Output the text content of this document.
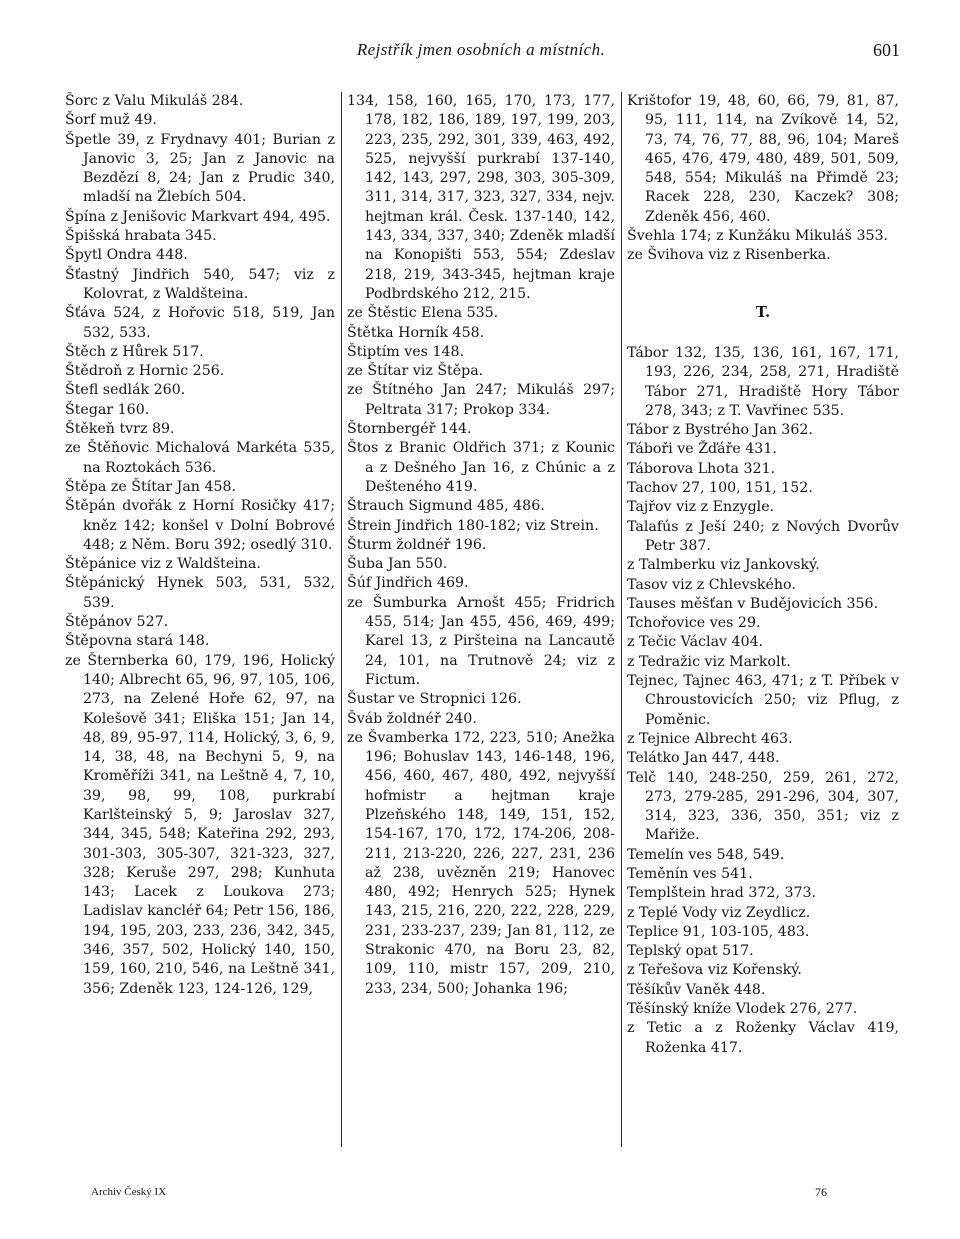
Rejstřík jmen osobních a místních.	601
Šorc z Valu Mikuláš 284.
Šorf muž 49.
Špetle 39, z Frydnavy 401; Burian z Janovic 3, 25; Jan z Janovic na Bezdězí 8, 24; Jan z Prudic 340, mladší na Žlebích 504.
Špína z Jenišovic Markvart 494, 495.
Špišská hrabata 345.
Špytl Ondra 448.
Šťastný Jindřich 540, 547; viz z Kolovrat, z Waldšteina.
Šťáva 524, z Hořovic 518, 519, Jan 532, 533.
Štěch z Hůrek 517.
Štědroň z Hornic 256.
Štefl sedlák 260.
Štegar 160.
Štěkeň tvrz 89.
ze Štěňovic Michalová Markéta 535, na Roztokách 536.
Štěpa ze Štítar Jan 458.
Štěpán dvořák z Horní Rosičky 417; kněz 142; konšel v Dolní Bobrové 448; z Něm. Boru 392; osedlý 310.
Štěpánice viz z Waldšteina.
Štěpánický Hynek 503, 531, 532, 539.
Štěpánov 527.
Štěpovna stará 148.
ze Šternberka 60, 179, 196, Holický 140; Albrecht 65, 96, 97, 105, 106, 273, na Zelené Hoře 62, 97, na Kolešově 341; Eliška 151; Jan 14, 48, 89, 95-97, 114, Holický, 3, 6, 9, 14, 38, 48, na Bechyni 5, 9, na Kroměříži 341, na Leštně 4, 7, 10, 39, 98, 99, 108, purkrabí Karlšteinský 5, 9; Jaroslav 327, 344, 345, 548; Kateřina 292, 293, 301-303, 305-307, 321-323, 327, 328; Keruše 297, 298; Kunhuta 143; Lacek z Loukova 273; Ladislav kancléř 64; Petr 156, 186, 194, 195, 203, 233, 236, 342, 345, 346, 357, 502, Holický 140, 150, 159, 160, 210, 546, na Leštně 341, 356; Zdeněk 123, 124-126, 129,
134, 158, 160, 165, 170, 173, 177, 178, 182, 186, 189, 197, 199, 203, 223, 235, 292, 301, 339, 463, 492, 525, nejvyšší purkrabí 137-140, 142, 143, 297, 298, 303, 305-309, 311, 314, 317, 323, 327, 334, nejv. hejtman král. Česk. 137-140, 142, 143, 334, 337, 340; Zdeněk mladší na Konopišti 553, 554; Zdeslav 218, 219, 343-345, hejtman kraje Podbrdského 212, 215.
ze Štěstic Elena 535.
Štětka Horník 458.
Štiptím ves 148.
ze Štítar viz Štěpa.
ze Štítného Jan 247; Mikuláš 297; Peltrata 317; Prokop 334.
Štornbergéř 144.
Štos z Branic Oldřich 371; z Kounic a z Dešného Jan 16, z Chúnic a z Dešteného 419.
Štrauch Sigmund 485, 486.
Štrein Jindřich 180-182; viz Strein.
Šturm žoldnéř 196.
Šuba Jan 550.
Šúf Jindřich 469.
ze Šumburka Arnošt 455; Fridrich 455, 514; Jan 455, 456, 469, 499; Karel 13, z Piršteina na Lancautě 24, 101, na Trutnově 24; viz z Fictum.
Šustar ve Stropnici 126.
Šváb žoldnéř 240.
ze Švamberka 172, 223, 510; Anežka 196; Bohuslav 143, 146-148, 196, 456, 460, 467, 480, 492, nejvyšší hofmistr a hejtman kraje Plzeňského 148, 149, 151, 152, 154-167, 170, 172, 174-206, 208-211, 213-220, 226, 227, 231, 236 až 238, uvězněn 219; Hanovec 480, 492; Henrych 525; Hynek 143, 215, 216, 220, 222, 228, 229, 231, 233-237, 239; Jan 81, 112, ze Strakonic 470, na Boru 23, 82, 109, 110, mistr 157, 209, 210, 233, 234, 500; Johanka 196;
Krištofor 19, 48, 60, 66, 79, 81, 87, 95, 111, 114, na Zvíkově 14, 52, 73, 74, 76, 77, 88, 96, 104; Mareš 465, 476, 479, 480, 489, 501, 509, 548, 554; Mikuláš na Přimdě 23; Racek 228, 230, Kaczek? 308; Zdeněk 456, 460.
Švehla 174; z Kunžáku Mikuláš 353.
ze Švihova viz z Risenberka.
T.
Tábor 132, 135, 136, 161, 167, 171, 193, 226, 234, 258, 271, Hradiště Tábor 271, Hradiště Hory Tábor 278, 343; z T. Vavřinec 535.
Tábor z Bystrého Jan 362.
Táboři ve Žďáře 431.
Táborova Lhota 321.
Tachov 27, 100, 151, 152.
Tajřov viz z Enzygle.
Talafús z Ješí 240; z Nových Dvorův Petr 387.
z Talmberku viz Jankovský.
Tasov viz z Chlevského.
Tauses měšťan v Budějovicích 356.
Tchořovice ves 29.
z Tečic Václav 404.
z Tedražic viz Markolt.
Tejnec, Tajnec 463, 471; z T. Příbek v Chroustovicích 250; viz Pflug, z Poměnic.
z Tejnice Albrecht 463.
Telátko Jan 447, 448.
Telč 140, 248-250, 259, 261, 272, 273, 279-285, 291-296, 304, 307, 314, 323, 336, 350, 351; viz z Mařiže.
Temelín ves 548, 549.
Teměnín ves 541.
Templštein hrad 372, 373.
z Teplé Vody viz Zeydlicz.
Teplice 91, 103-105, 483.
Teplský opat 517.
z Teřešova viz Kořenský.
Těšíkův Vaněk 448.
Těšínský kníže Vlodek 276, 277.
z Tetic a z Roženky Václav 419, Roženka 417.
Archiv Český IX	76
